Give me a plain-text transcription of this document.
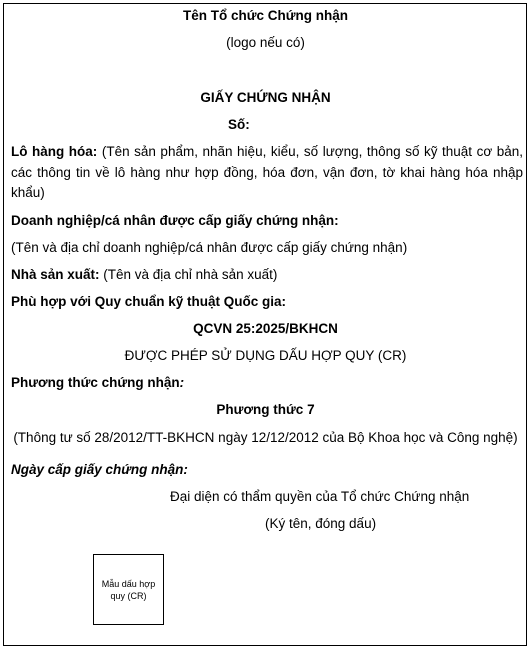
Tên Tổ chức Chứng nhận
(logo nếu có)
GIẤY CHỨNG NHẬN
Số:
Lô hàng hóa: (Tên sản phẩm, nhãn hiệu, kiểu, số lượng, thông số kỹ thuật cơ bản, các thông tin về lô hàng như hợp đồng, hóa đơn, vận đơn, tờ khai hàng hóa nhập khẩu)
Doanh nghiệp/cá nhân được cấp giấy chứng nhận:
(Tên và địa chỉ doanh nghiệp/cá nhân được cấp giấy chứng nhận)
Nhà sản xuất: (Tên và địa chỉ nhà sản xuất)
Phù hợp với Quy chuẩn kỹ thuật Quốc gia:
QCVN 25:2025/BKHCN
ĐƯỢC PHÉP SỬ DỤNG DẤU HỢP QUY (CR)
Phương thức chứng nhận:
Phương thức 7
(Thông tư số 28/2012/TT-BKHCN ngày 12/12/2012 của Bộ Khoa học và Công nghệ)
Ngày cấp giấy chứng nhận:
Đại diện có thẩm quyền của Tổ chức Chứng nhận
(Ký tên, đóng dấu)
Mẫu dấu hợp quy (CR)
